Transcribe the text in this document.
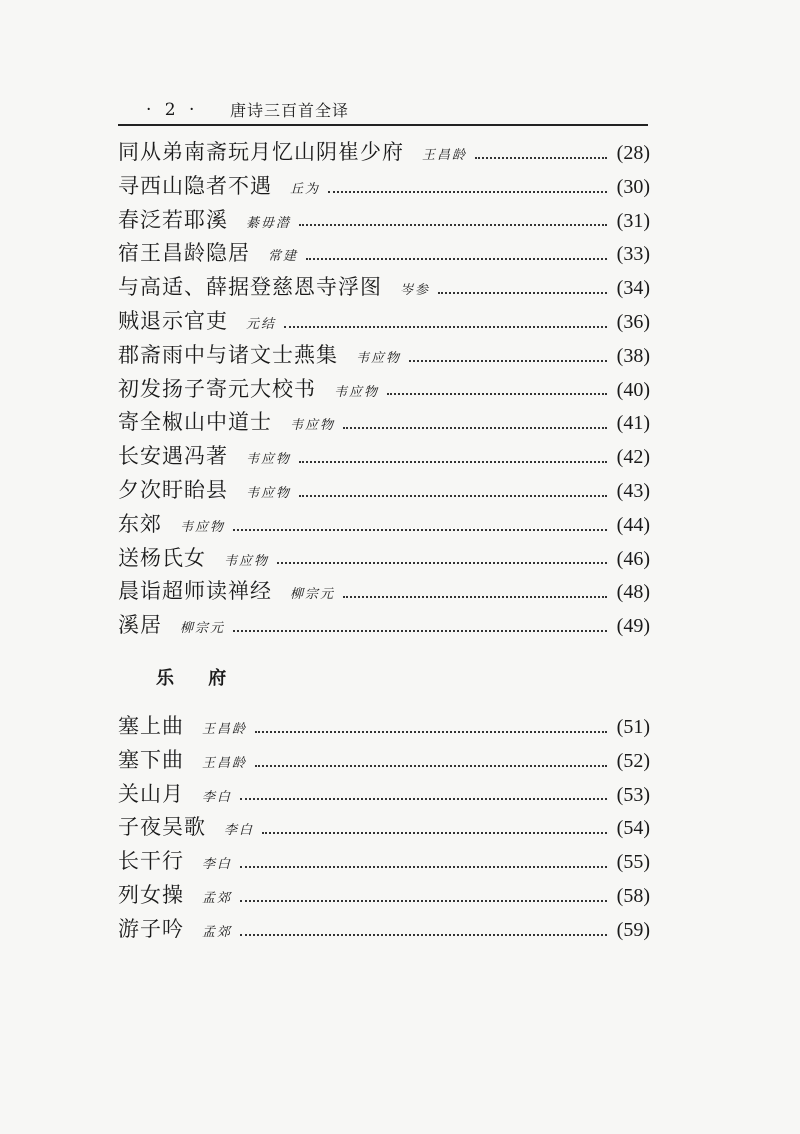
· 2 · 唐诗三百首全译
同从弟南斋玩月忆山阴崔少府 王昌龄	(28)
寻西山隐者不遇 丘为	(30)
春泛若耶溪 綦毋潜	(31)
宿王昌龄隐居 常建	(33)
与高适、薛据登慈恩寺浮图 岑参	(34)
贼退示官吏 元结	(36)
郡斋雨中与诸文士燕集 韦应物	(38)
初发扬子寄元大校书 韦应物	(40)
寄全椒山中道士 韦应物	(41)
长安遇冯著 韦应物	(42)
夕次盱眙县 韦应物	(43)
东郊 韦应物	(44)
送杨氏女 韦应物	(46)
晨诣超师读禅经 柳宗元	(48)
溪居 柳宗元	(49)
乐 府
塞上曲 王昌龄	(51)
塞下曲 王昌龄	(52)
关山月 李白	(53)
子夜吴歌 李白	(54)
长干行 李白	(55)
列女操 孟郊	(58)
游子吟 孟郊	(59)
